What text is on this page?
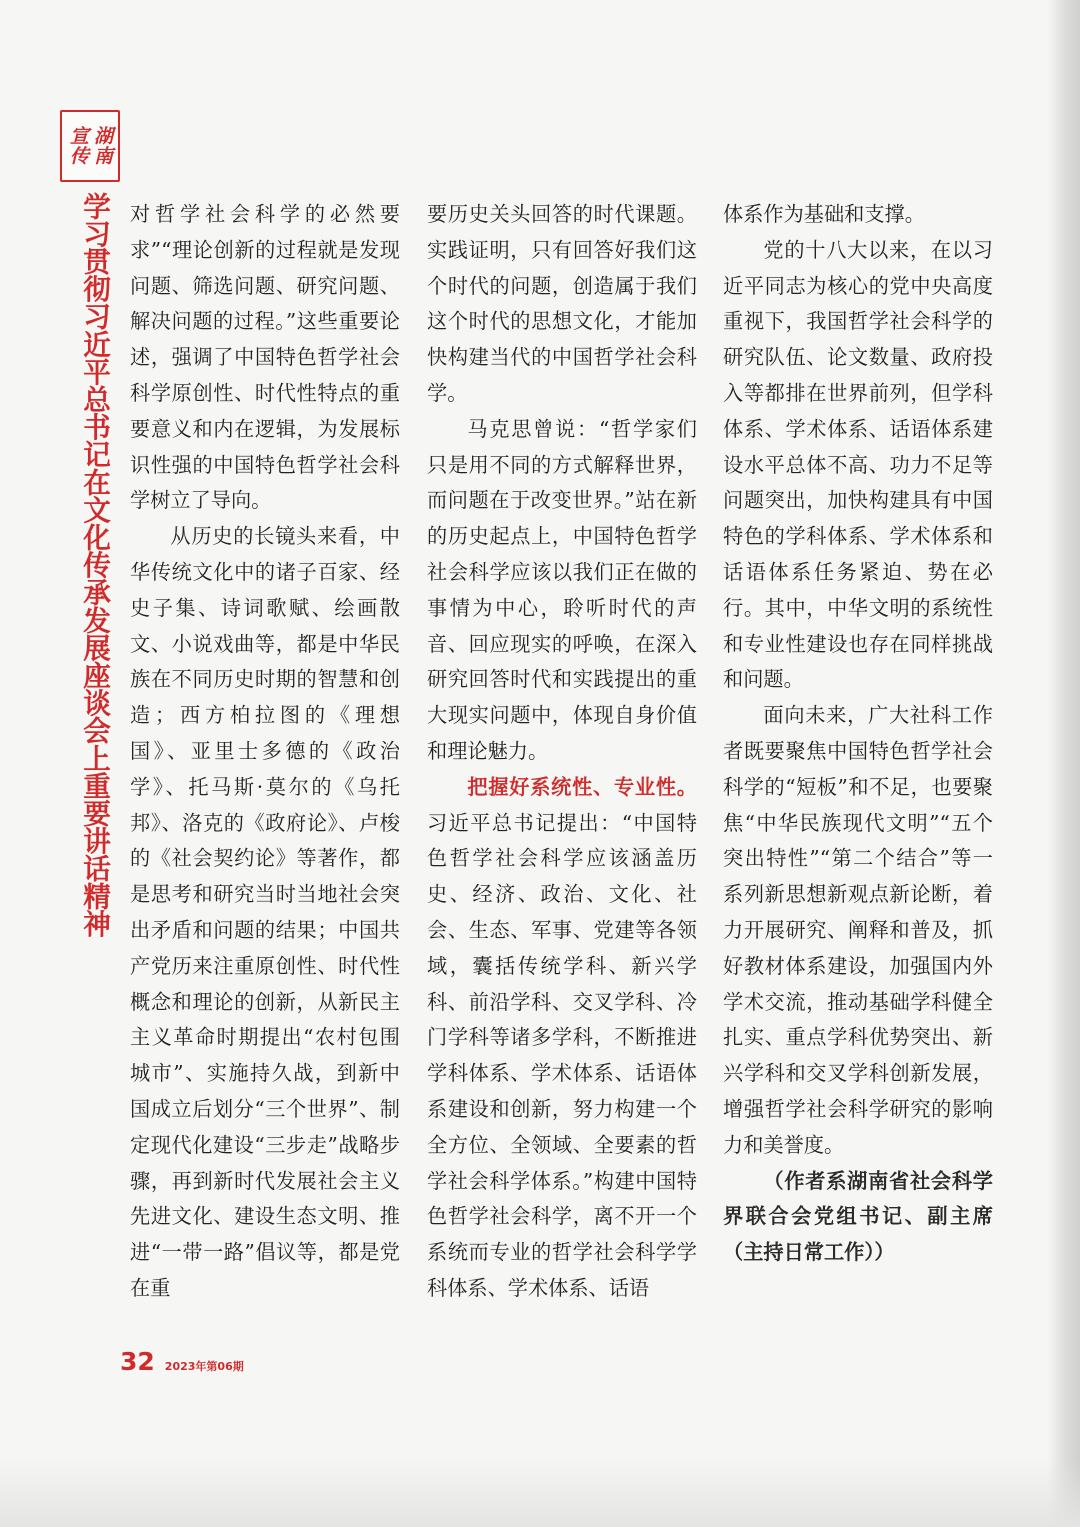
湖南
宣传
学习贯彻习近平总书记在文化传承发展座谈会上重要讲话精神 对哲学社会科学的必然要求”“理论创新的过程就是发现问题、筛选问题、研究问题、解决问题的过程。”这些重要论述，强调了中国特色哲学社会科学原创性、时代性特点的重要意义和内在逻辑，为发展标识性强的中国特色哲学社会科学树立了导向。

从历史的长镜头来看，中华传统文化中的诸子百家、经史子集、诗词歌赋、绘画散文、小说戏曲等，都是中华民族在不同历史时期的智慧和创造；西方柏拉图的《理想国》、亚里士多德的《政治学》、托马斯·莫尔的《乌托邦》、洛克的《政府论》、卢梭的《社会契约论》等著作，都是思考和研究当时当地社会突出矛盾和问题的结果；中国共产党历来注重原创性、时代性概念和理论的创新，从新民主主义革命时期提出“农村包围城市”、实施持久战，到新中国成立后划分“三个世界”、制定现代化建设“三步走”战略步骤，再到新时代发展社会主义先进文化、建设生态文明、推进“一带一路”倡议等，都是党在重

要历史关头回答的时代课题。实践证明，只有回答好我们这个时代的问题，创造属于我们这个时代的思想文化，才能加快构建当代的中国哲学社会科学。

马克思曾说：“哲学家们只是用不同的方式解释世界，而问题在于改变世界。”站在新的历史起点上，中国特色哲学社会科学应该以我们正在做的事情为中心，聆听时代的声音、回应现实的呼唤，在深入研究回答时代和实践提出的重大现实问题中，体现自身价值和理论魅力。

把握好系统性、专业性。习近平总书记提出：“中国特色哲学社会科学应该涵盖历史、经济、政治、文化、社会、生态、军事、党建等各领域，囊括传统学科、新兴学科、前沿学科、交叉学科、冷门学科等诸多学科，不断推进学科体系、学术体系、话语体系建设和创新，努力构建一个全方位、全领域、全要素的哲学社会科学体系。”构建中国特色哲学社会科学，离不开一个系统而专业的哲学社会科学学科体系、学术体系、话语

体系作为基础和支撑。

党的十八大以来，在以习近平同志为核心的党中央高度重视下，我国哲学社会科学的研究队伍、论文数量、政府投入等都排在世界前列，但学科体系、学术体系、话语体系建设水平总体不高、功力不足等问题突出，加快构建具有中国特色的学科体系、学术体系和话语体系任务紧迫、势在必行。其中，中华文明的系统性和专业性建设也存在同样挑战和问题。

面向未来，广大社科工作者既要聚焦中国特色哲学社会科学的“短板”和不足，也要聚焦“中华民族现代文明”“五个突出特性”“第二个结合”等一系列新思想新观点新论断，着力开展研究、阐释和普及，抓好教材体系建设，加强国内外学术交流，推动基础学科健全扎实、重点学科优势突出、新兴学科和交叉学科创新发展，增强哲学社会科学研究的影响力和美誉度。

（作者系湖南省社会科学界联合会党组书记、副主席（主持日常工作））

32 2023年第06期
